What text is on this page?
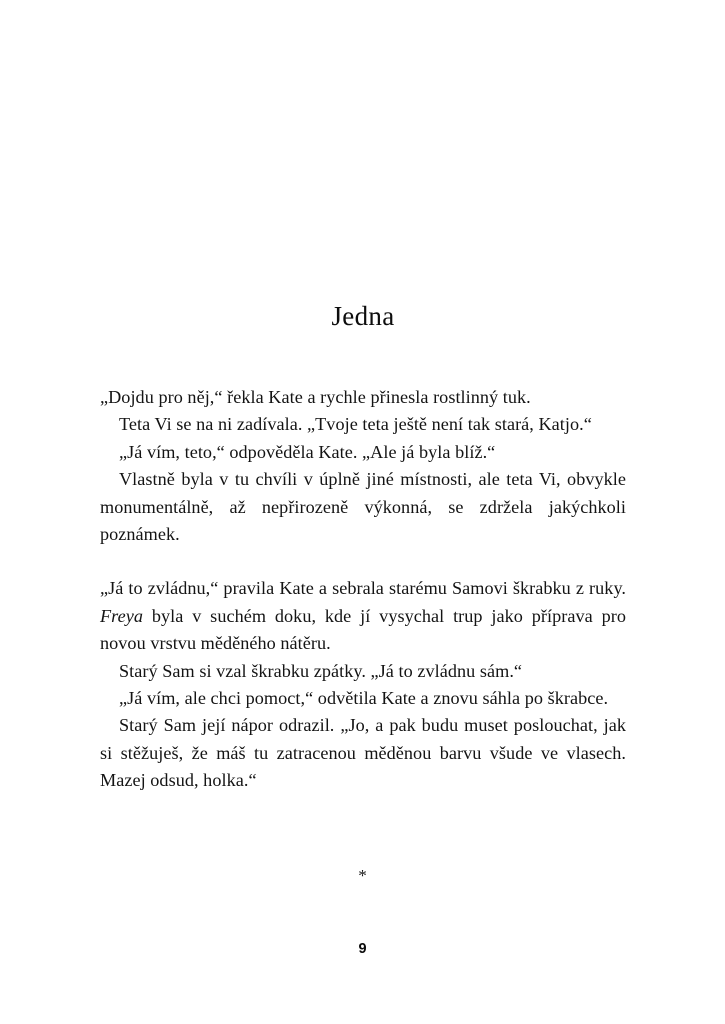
Jedna

„Dojdu pro něj,“ řekla Kate a rychle přinesla rostlinný tuk.

Teta Vi se na ni zadívala. „Tvoje teta ještě není tak stará, Katjo.“

„Já vím, teto,“ odpověděla Kate. „Ale já byla blíž.“

Vlastně byla v tu chvíli v úplně jiné místnosti, ale teta Vi, obvykle monumentálně, až nepřirozeně výkonná, se zdržela jakýchkoli poznámek.

„Já to zvládnu,“ pravila Kate a sebrala starému Samovi škrabku z ruky. Freya byla v suchém doku, kde jí vysychal trup jako příprava pro novou vrstvu měděného nátěru.

Starý Sam si vzal škrabku zpátky. „Já to zvládnu sám.“

„Já vím, ale chci pomoct,“ odvětila Kate a znovu sáhla po škrabce.

Starý Sam její nápor odrazil. „Jo, a pak budu muset poslouchat, jak si stěžuješ, že máš tu zatracenou měděnou barvu všude ve vlasech. Mazej odsud, holka.“

*
9
